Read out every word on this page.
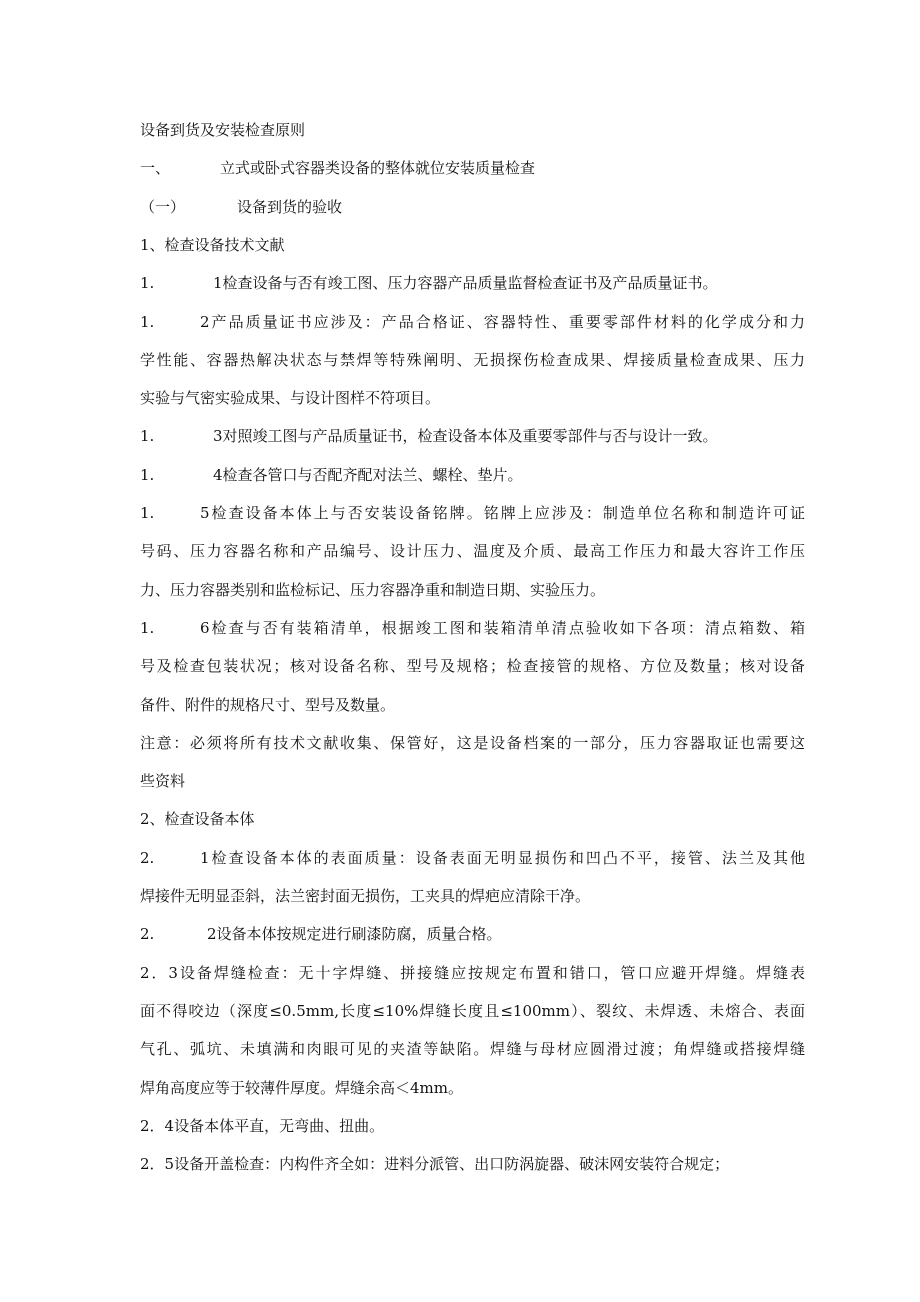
设备到货及安装检查原则
一、	立式或卧式容器类设备的整体就位安装质量检查
（一）	设备到货的验收
1、检查设备技术文献
1.	1检查设备与否有竣工图、压力容器产品质量监督检查证书及产品质量证书。
1.	2产品质量证书应涉及：产品合格证、容器特性、重要零部件材料的化学成分和力
学性能、容器热解决状态与禁焊等特殊阐明、无损探伤检查成果、焊接质量检查成果、压力
实验与气密实验成果、与设计图样不符项目。
1.	3对照竣工图与产品质量证书，检查设备本体及重要零部件与否与设计一致。
1.	4检查各管口与否配齐配对法兰、螺栓、垫片。
1.	5检查设备本体上与否安装设备铭牌。铭牌上应涉及：制造单位名称和制造许可证
号码、压力容器名称和产品编号、设计压力、温度及介质、最高工作压力和最大容许工作压
力、压力容器类别和监检标记、压力容器净重和制造日期、实验压力。
1.	6检查与否有装箱清单，根据竣工图和装箱清单清点验收如下各项：清点箱数、箱
号及检查包装状况；核对设备名称、型号及规格；检查接管的规格、方位及数量；核对设备
备件、附件的规格尺寸、型号及数量。
注意：必须将所有技术文献收集、保管好，这是设备档案的一部分，压力容器取证也需要这
些资料
2、检查设备本体
2.	1检查设备本体的表面质量：设备表面无明显损伤和凹凸不平，接管、法兰及其他
焊接件无明显歪斜，法兰密封面无损伤，工夹具的焊疤应清除干净。
2.	2设备本体按规定进行刷漆防腐，质量合格。
2．3设备焊缝检查：无十字焊缝、拼接缝应按规定布置和错口，管口应避开焊缝。焊缝表
面不得咬边（深度≤0.5mm,长度≤10%焊缝长度且≤100mm）、裂纹、未焊透、未熔合、表面
气孔、弧坑、未填满和肉眼可见的夹渣等缺陷。焊缝与母材应圆滑过渡；角焊缝或搭接焊缝
焊角高度应等于较薄件厚度。焊缝余高＜4mm。
2．4设备本体平直，无弯曲、扭曲。
2．5设备开盖检查：内构件齐全如：进料分派管、出口防涡旋器、破沫网安装符合规定；
